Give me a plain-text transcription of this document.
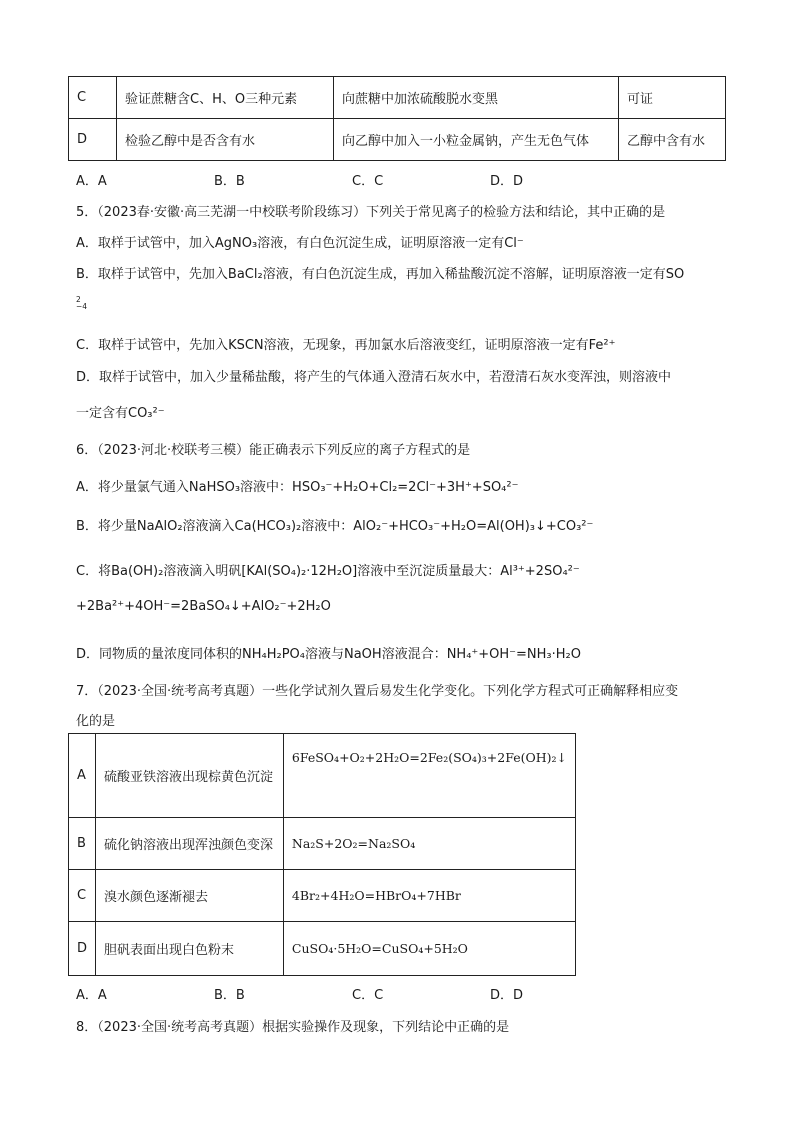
C	验证蔗糖含C、H、O三种元素	向蔗糖中加浓硫酸脱水变黑	可证
D	检验乙醇中是否含有水	向乙醇中加入一小粒金属钠，产生无色气体	乙醇中含有水
A．A	B．B	C．C	D．D
5．（2023春·安徽·高三芜湖一中校联考阶段练习）下列关于常见离子的检验方法和结论，其中正确的是
A．取样于试管中，加入AgNO₃溶液，有白色沉淀生成，证明原溶液一定有Cl⁻
B．取样于试管中，先加入BaCl₂溶液，有白色沉淀生成，再加入稀盐酸沉淀不溶解，证明原溶液一定有SO
2−4
C．取样于试管中，先加入KSCN溶液，无现象，再加氯水后溶液变红，证明原溶液一定有Fe²⁺
D．取样于试管中，加入少量稀盐酸，将产生的气体通入澄清石灰水中，若澄清石灰水变浑浊，则溶液中
一定含有CO₃²⁻
6．（2023·河北·校联考三模）能正确表示下列反应的离子方程式的是
A．将少量氯气通入NaHSO₃溶液中：HSO₃⁻+H₂O+Cl₂=2Cl⁻+3H⁺+SO₄²⁻
B．将少量NaAlO₂溶液滴入Ca(HCO₃)₂溶液中：AlO₂⁻+HCO₃⁻+H₂O=Al(OH)₃↓+CO₃²⁻
C．将Ba(OH)₂溶液滴入明矾[KAl(SO₄)₂·12H₂O]溶液中至沉淀质量最大：Al³⁺+2SO₄²⁻
+2Ba²⁺+4OH⁻=2BaSO₄↓+AlO₂⁻+2H₂O
D．同物质的量浓度同体积的NH₄H₂PO₄溶液与NaOH溶液混合：NH₄⁺+OH⁻=NH₃·H₂O
7．（2023·全国·统考高考真题）一些化学试剂久置后易发生化学变化。下列化学方程式可正确解释相应变
化的是
A	硫酸亚铁溶液出现棕黄色沉淀	6FeSO₄+O₂+2H₂O=2Fe₂(SO₄)₃+2Fe(OH)₂↓
B	硫化钠溶液出现浑浊颜色变深	Na₂S+2O₂=Na₂SO₄
C	溴水颜色逐渐褪去	4Br₂+4H₂O=HBrO₄+7HBr
D	胆矾表面出现白色粉末	CuSO₄·5H₂O=CuSO₄+5H₂O
A．A	B．B	C．C	D．D
8．（2023·全国·统考高考真题）根据实验操作及现象，下列结论中正确的是
